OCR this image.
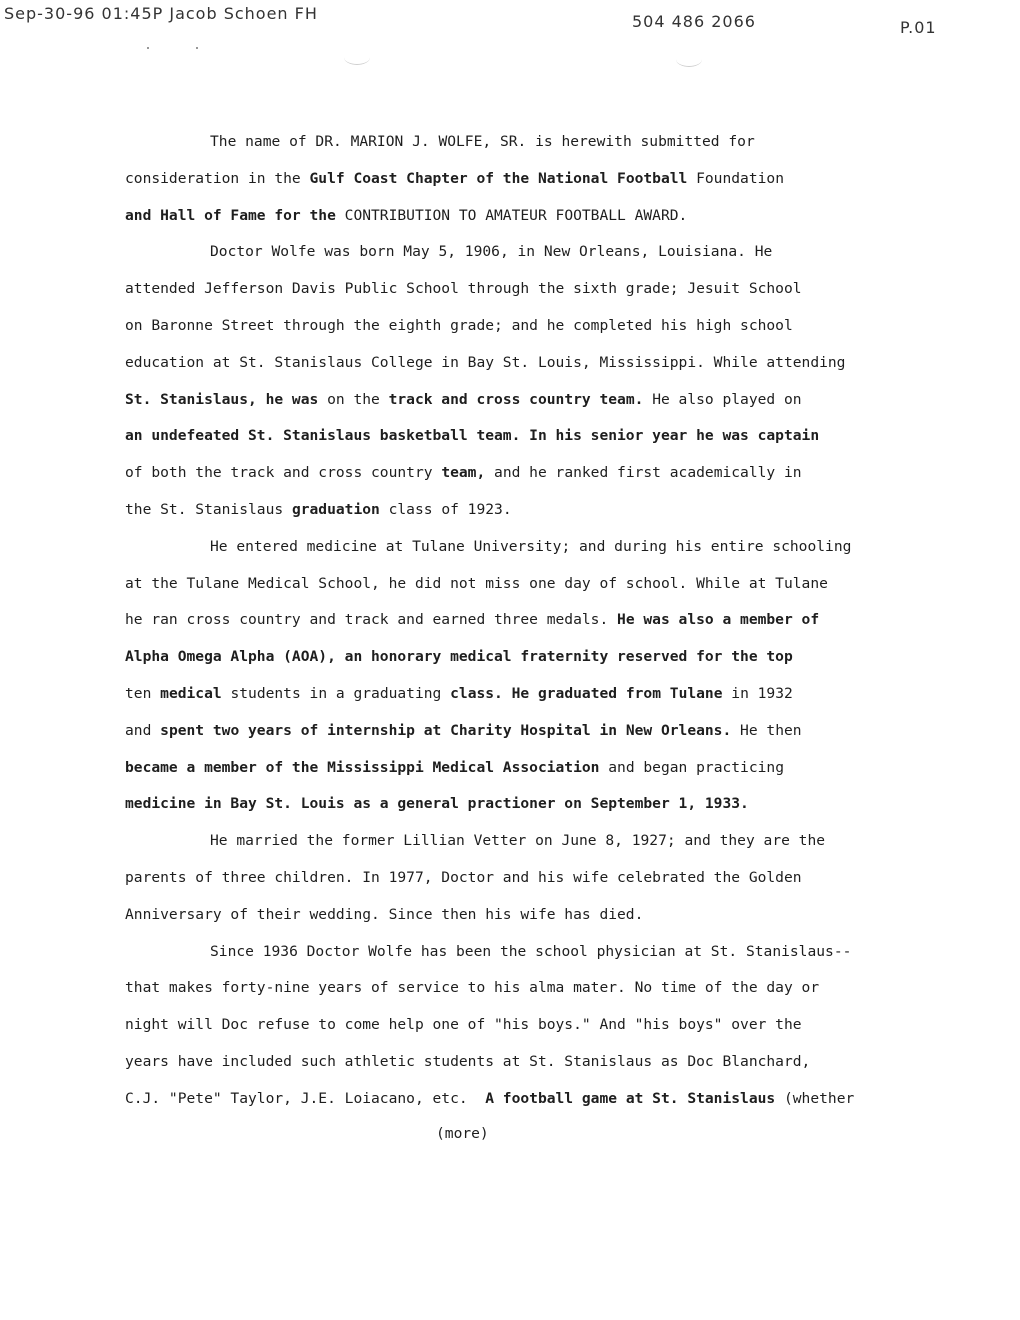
Sep-30-96 01:45P Jacob Schoen FH	504 486 2066	P.01
The name of DR. MARION J. WOLFE, SR. is herewith submitted for
consideration in the Gulf Coast Chapter of the National Football Foundation
and Hall of Fame for the CONTRIBUTION TO AMATEUR FOOTBALL AWARD.
Doctor Wolfe was born May 5, 1906, in New Orleans, Louisiana. He
attended Jefferson Davis Public School through the sixth grade; Jesuit School
on Baronne Street through the eighth grade; and he completed his high school
education at St. Stanislaus College in Bay St. Louis, Mississippi. While attending
St. Stanislaus, he was on the track and cross country team. He also played on
an undefeated St. Stanislaus basketball team. In his senior year he was captain
of both the track and cross country team, and he ranked first academically in
the St. Stanislaus graduation class of 1923.
He entered medicine at Tulane University; and during his entire schooling
at the Tulane Medical School, he did not miss one day of school. While at Tulane
he ran cross country and track and earned three medals. He was also a member of
Alpha Omega Alpha (AOA), an honorary medical fraternity reserved for the top
ten medical students in a graduating class. He graduated from Tulane in 1932
and spent two years of internship at Charity Hospital in New Orleans. He then
became a member of the Mississippi Medical Association and began practicing
medicine in Bay St. Louis as a general practioner on September 1, 1933.
He married the former Lillian Vetter on June 8, 1927; and they are the
parents of three children. In 1977, Doctor and his wife celebrated the Golden
Anniversary of their wedding. Since then his wife has died.
Since 1936 Doctor Wolfe has been the school physician at St. Stanislaus--
that makes forty-nine years of service to his alma mater. No time of the day or
night will Doc refuse to come help one of "his boys." And "his boys" over the
years have included such athletic students at St. Stanislaus as Doc Blanchard,
C.J. "Pete" Taylor, J.E. Loiacano, etc.  A football game at St. Stanislaus (whether
(more)
